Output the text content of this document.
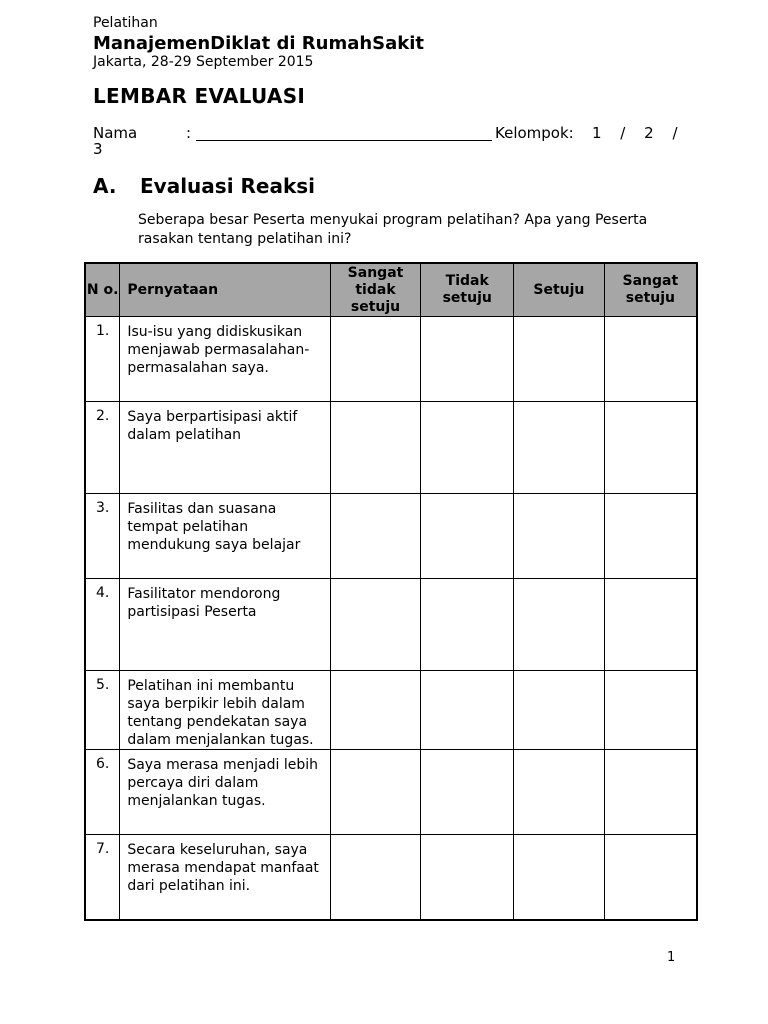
Pelatihan
ManajemenDiklat di RumahSakit
Jakarta, 28-29 September 2015
LEMBAR EVALUASI
Nama	:	Kelompok: 1 / 2 /
3
A. Evaluasi Reaksi
Seberapa besar Peserta menyukai program pelatihan? Apa yang Peserta rasakan tentang pelatihan ini?
N o.	Pernyataan	Sangat tidak setuju	Tidak setuju	Setuju	Sangat setuju
1.	Isu-isu yang didiskusikan menjawab permasalahan-permasalahan saya.				
2.	Saya berpartisipasi aktif dalam pelatihan				
3.	Fasilitas dan suasana tempat pelatihan mendukung saya belajar				
4.	Fasilitator mendorong partisipasi Peserta				
5.	Pelatihan ini membantu saya berpikir lebih dalam tentang pendekatan saya dalam menjalankan tugas.				
6.	Saya merasa menjadi lebih percaya diri dalam menjalankan tugas.				
7.	Secara keseluruhan, saya merasa mendapat manfaat dari pelatihan ini.				
1
